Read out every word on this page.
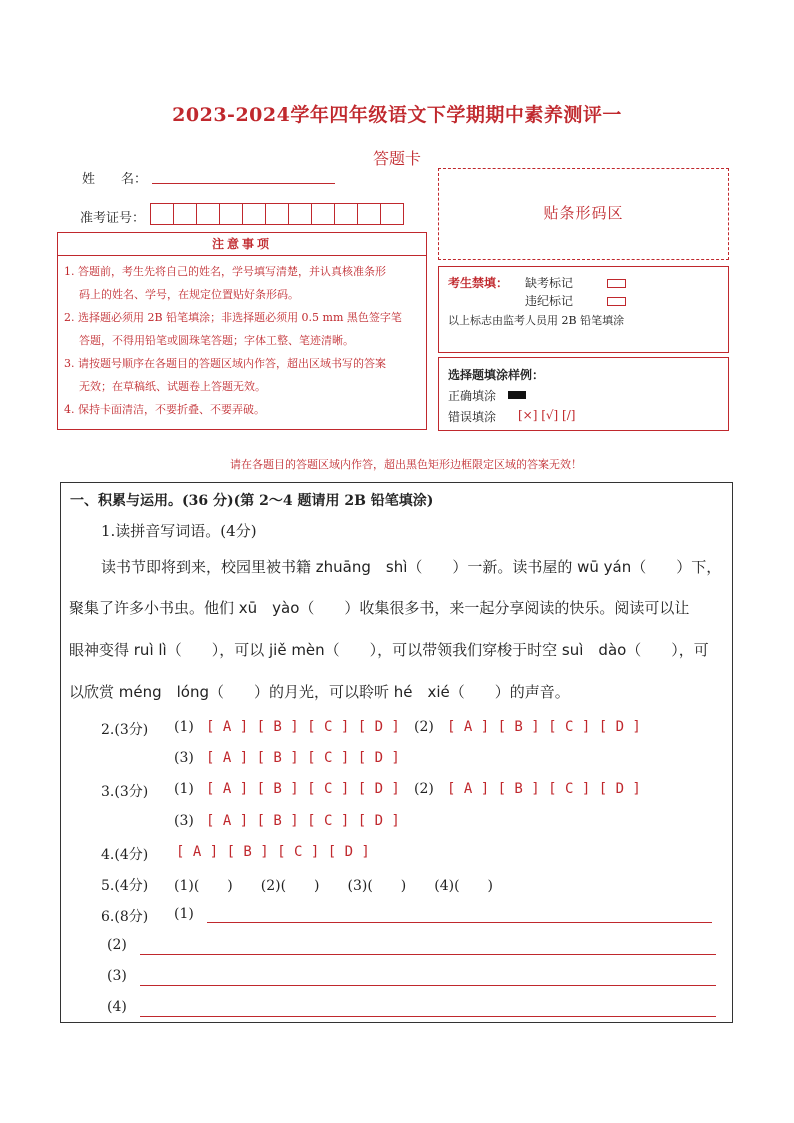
2023-2024学年四年级语文下学期期中素养测评一
答题卡
姓　　名：
准考证号：
注意事项
1. 答题前，考生先将自己的姓名，学号填写清楚，并认真核准条形
码上的姓名、学号，在规定位置贴好条形码。
2. 选择题必须用 2B 铅笔填涂；非选择题必须用 0.5 mm 黑色签字笔
答题，不得用铅笔或圆珠笔答题；字体工整、笔迹清晰。
3. 请按题号顺序在各题目的答题区域内作答，超出区域书写的答案
无效；在草稿纸、试题卷上答题无效。
4. 保持卡面清洁，不要折叠、不要弄破。
贴条形码区
考生禁填： 缺考标记
违纪标记
以上标志由监考人员用 2B 铅笔填涂
选择题填涂样例：
正确填涂
错误填涂 [×] [√] [/]
请在各题目的答题区域内作答，超出黑色矩形边框限定区域的答案无效！
一、积累与运用。(36 分)(第 2～4 题请用 2B 铅笔填涂)
1.读拼音写词语。(4分)
读书节即将到来，校园里被书籍 zhuāng　shì（　　）一新。读书屋的 wū yán（　　）下，
聚集了许多小书虫。他们 xū　yào（　　）收集很多书，来一起分享阅读的快乐。阅读可以让
眼神变得 ruì lì（　　），可以 jiě mèn（　　），可以带领我们穿梭于时空 suì　dào（　　），可
以欣赏 méng　lóng（　　）的月光，可以聆听 hé　xié（　　）的声音。
2.(3分) (1) [ A ] [ B ] [ C ] [ D ] (2) [ A ] [ B ] [ C ] [ D ]
(3) [ A ] [ B ] [ C ] [ D ]
3.(3分) (1) [ A ] [ B ] [ C ] [ D ] (2) [ A ] [ B ] [ C ] [ D ]
(3) [ A ] [ B ] [ C ] [ D ]
4.(4分) [ A ] [ B ] [ C ] [ D ]
5.(4分) (1)(　　)　　(2)(　　)　　(3)(　　)　　(4)(　　)
6.(8分) (1)
(2)
(3)
(4)
